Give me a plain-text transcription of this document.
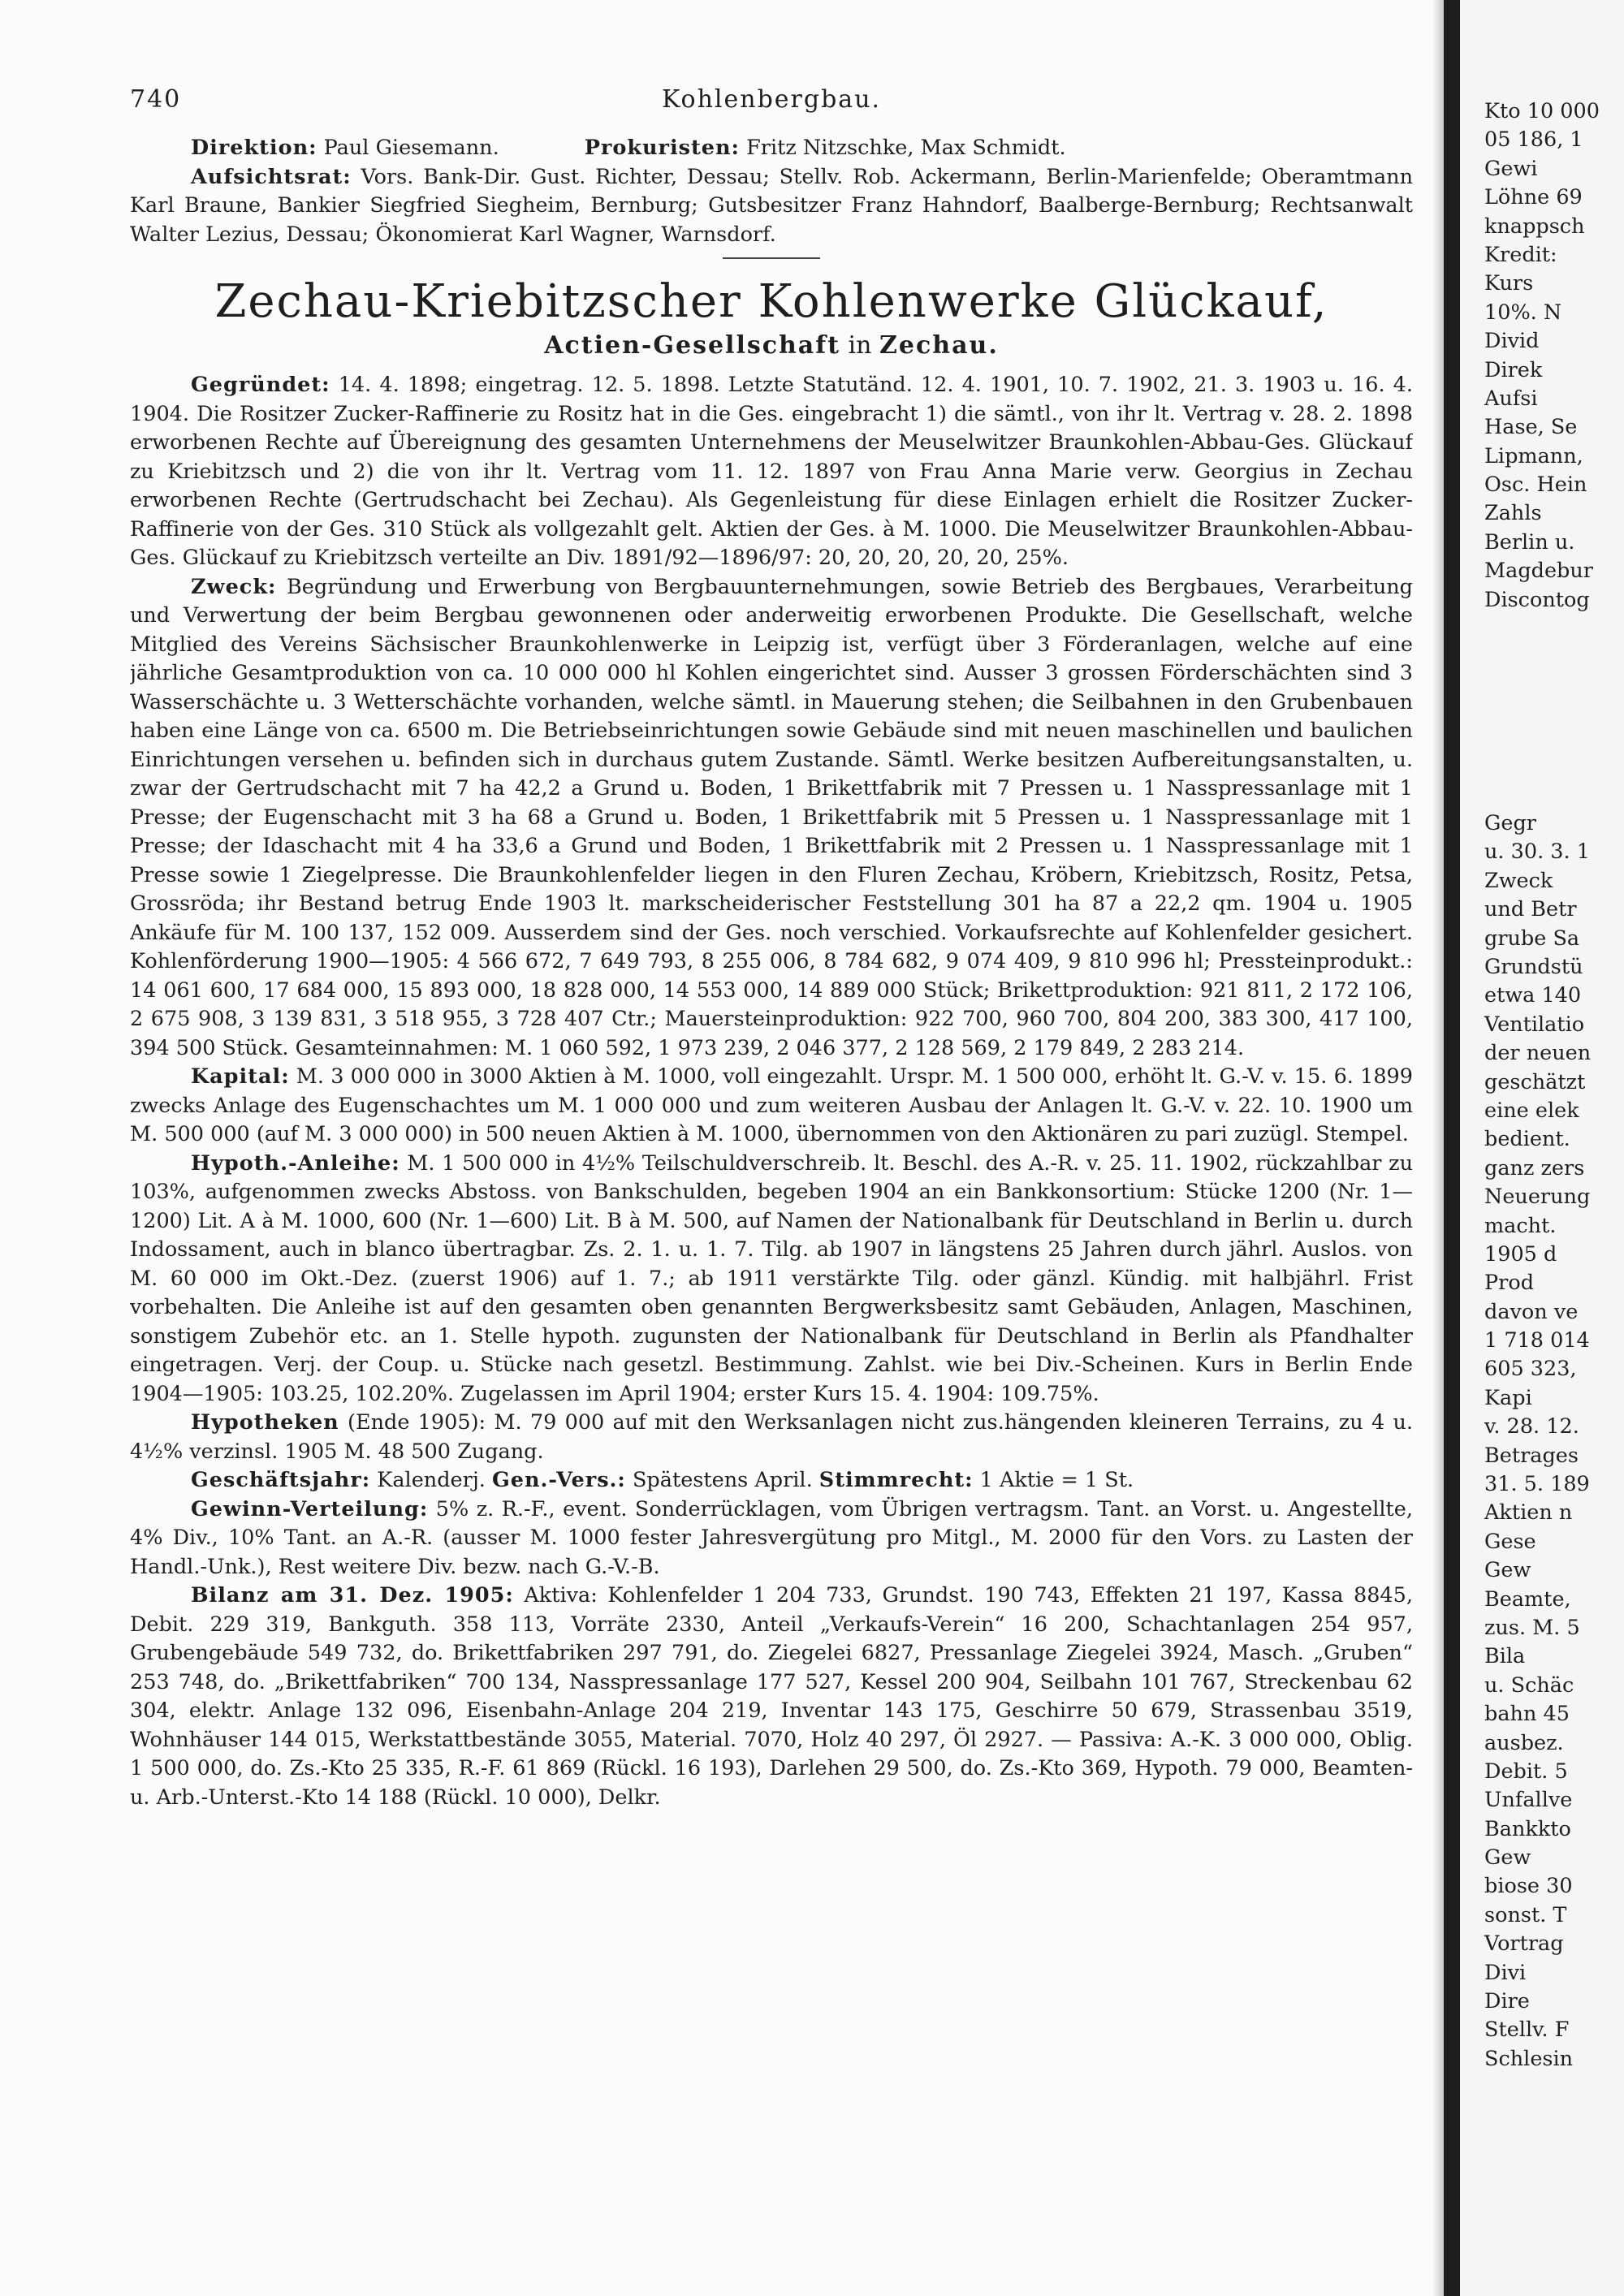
740	Kohlenbergbau.

Direktion: Paul Giesemann.	Prokuristen: Fritz Nitzschke, Max Schmidt.

Aufsichtsrat: Vors. Bank-Dir. Gust. Richter, Dessau; Stellv. Rob. Ackermann, Berlin-Marienfelde; Oberamtmann Karl Braune, Bankier Siegfried Siegheim, Bernburg; Gutsbesitzer Franz Hahndorf, Baalberge-Bernburg; Rechtsanwalt Walter Lezius, Dessau; Ökonomierat Karl Wagner, Warnsdorf.

Zechau-Kriebitzscher Kohlenwerke Glückauf,
Actien-Gesellschaft in Zechau.

Gegründet: 14. 4. 1898; eingetrag. 12. 5. 1898. Letzte Statutänd. 12. 4. 1901, 10. 7. 1902, 21. 3. 1903 u. 16. 4. 1904. Die Rositzer Zucker-Raffinerie zu Rositz hat in die Ges. eingebracht 1) die sämtl., von ihr lt. Vertrag v. 28. 2. 1898 erworbenen Rechte auf Übereignung des gesamten Unternehmens der Meuselwitzer Braunkohlen-Abbau-Ges. Glückauf zu Kriebitzsch und 2) die von ihr lt. Vertrag vom 11. 12. 1897 von Frau Anna Marie verw. Georgius in Zechau erworbenen Rechte (Gertrudschacht bei Zechau). Als Gegenleistung für diese Einlagen erhielt die Rositzer Zucker-Raffinerie von der Ges. 310 Stück als vollgezahlt gelt. Aktien der Ges. à M. 1000. Die Meuselwitzer Braunkohlen-Abbau-Ges. Glückauf zu Kriebitzsch verteilte an Div. 1891/92—1896/97: 20, 20, 20, 20, 20, 25%.

Zweck: Begründung und Erwerbung von Bergbauunternehmungen, sowie Betrieb des Bergbaues, Verarbeitung und Verwertung der beim Bergbau gewonnenen oder anderweitig erworbenen Produkte. Die Gesellschaft, welche Mitglied des Vereins Sächsischer Braunkohlenwerke in Leipzig ist, verfügt über 3 Förderanlagen, welche auf eine jährliche Gesamtproduktion von ca. 10 000 000 hl Kohlen eingerichtet sind. Ausser 3 grossen Förderschächten sind 3 Wasserschächte u. 3 Wetterschächte vorhanden, welche sämtl. in Mauerung stehen; die Seilbahnen in den Grubenbauen haben eine Länge von ca. 6500 m. Die Betriebseinrichtungen sowie Gebäude sind mit neuen maschinellen und baulichen Einrichtungen versehen u. befinden sich in durchaus gutem Zustande. Sämtl. Werke besitzen Aufbereitungsanstalten, u. zwar der Gertrudschacht mit 7 ha 42,2 a Grund u. Boden, 1 Brikettfabrik mit 7 Pressen u. 1 Nasspressanlage mit 1 Presse; der Eugenschacht mit 3 ha 68 a Grund u. Boden, 1 Brikettfabrik mit 5 Pressen u. 1 Nasspressanlage mit 1 Presse; der Idaschacht mit 4 ha 33,6 a Grund und Boden, 1 Brikettfabrik mit 2 Pressen u. 1 Nasspressanlage mit 1 Presse sowie 1 Ziegelpresse. Die Braunkohlenfelder liegen in den Fluren Zechau, Kröbern, Kriebitzsch, Rositz, Petsa, Grossröda; ihr Bestand betrug Ende 1903 lt. markscheiderischer Feststellung 301 ha 87 a 22,2 qm. 1904 u. 1905 Ankäufe für M. 100 137, 152 009. Ausserdem sind der Ges. noch verschied. Vorkaufsrechte auf Kohlenfelder gesichert. Kohlenförderung 1900—1905: 4 566 672, 7 649 793, 8 255 006, 8 784 682, 9 074 409, 9 810 996 hl; Pressteinprodukt.: 14 061 600, 17 684 000, 15 893 000, 18 828 000, 14 553 000, 14 889 000 Stück; Brikettproduktion: 921 811, 2 172 106, 2 675 908, 3 139 831, 3 518 955, 3 728 407 Ctr.; Mauersteinproduktion: 922 700, 960 700, 804 200, 383 300, 417 100, 394 500 Stück. Gesamteinnahmen: M. 1 060 592, 1 973 239, 2 046 377, 2 128 569, 2 179 849, 2 283 214.

Kapital: M. 3 000 000 in 3000 Aktien à M. 1000, voll eingezahlt. Urspr. M. 1 500 000, erhöht lt. G.-V. v. 15. 6. 1899 zwecks Anlage des Eugenschachtes um M. 1 000 000 und zum weiteren Ausbau der Anlagen lt. G.-V. v. 22. 10. 1900 um M. 500 000 (auf M. 3 000 000) in 500 neuen Aktien à M. 1000, übernommen von den Aktionären zu pari zuzügl. Stempel.

Hypoth.-Anleihe: M. 1 500 000 in 4½% Teilschuldverschreib. lt. Beschl. des A.-R. v. 25. 11. 1902, rückzahlbar zu 103%, aufgenommen zwecks Abstoss. von Bankschulden, begeben 1904 an ein Bankkonsortium: Stücke 1200 (Nr. 1—1200) Lit. A à M. 1000, 600 (Nr. 1—600) Lit. B à M. 500, auf Namen der Nationalbank für Deutschland in Berlin u. durch Indossament, auch in blanco übertragbar. Zs. 2. 1. u. 1. 7. Tilg. ab 1907 in längstens 25 Jahren durch jährl. Auslos. von M. 60 000 im Okt.-Dez. (zuerst 1906) auf 1. 7.; ab 1911 verstärkte Tilg. oder gänzl. Kündig. mit halbjährl. Frist vorbehalten. Die Anleihe ist auf den gesamten oben genannten Bergwerksbesitz samt Gebäuden, Anlagen, Maschinen, sonstigem Zubehör etc. an 1. Stelle hypoth. zugunsten der Nationalbank für Deutschland in Berlin als Pfandhalter eingetragen. Verj. der Coup. u. Stücke nach gesetzl. Bestimmung. Zahlst. wie bei Div.-Scheinen. Kurs in Berlin Ende 1904—1905: 103.25, 102.20%. Zugelassen im April 1904; erster Kurs 15. 4. 1904: 109.75%.

Hypotheken (Ende 1905): M. 79 000 auf mit den Werksanlagen nicht zus.hängenden kleineren Terrains, zu 4 u. 4½% verzinsl. 1905 M. 48 500 Zugang.

Geschäftsjahr: Kalenderj. Gen.-Vers.: Spätestens April. Stimmrecht: 1 Aktie = 1 St.

Gewinn-Verteilung: 5% z. R.-F., event. Sonderrücklagen, vom Übrigen vertragsm. Tant. an Vorst. u. Angestellte, 4% Div., 10% Tant. an A.-R. (ausser M. 1000 fester Jahresvergütung pro Mitgl., M. 2000 für den Vors. zu Lasten der Handl.-Unk.), Rest weitere Div. bezw. nach G.-V.-B.

Bilanz am 31. Dez. 1905: Aktiva: Kohlenfelder 1 204 733, Grundst. 190 743, Effekten 21 197, Kassa 8845, Debit. 229 319, Bankguth. 358 113, Vorräte 2330, Anteil „Verkaufs-Verein“ 16 200, Schachtanlagen 254 957, Grubengebäude 549 732, do. Brikettfabriken 297 791, do. Ziegelei 6827, Pressanlage Ziegelei 3924, Masch. „Gruben“ 253 748, do. „Brikettfabriken“ 700 134, Nasspressanlage 177 527, Kessel 200 904, Seilbahn 101 767, Streckenbau 62 304, elektr. Anlage 132 096, Eisenbahn-Anlage 204 219, Inventar 143 175, Geschirre 50 679, Strassenbau 3519, Wohnhäuser 144 015, Werkstattbestände 3055, Material. 7070, Holz 40 297, Öl 2927. — Passiva: A.-K. 3 000 000, Oblig. 1 500 000, do. Zs.-Kto 25 335, R.-F. 61 869 (Rückl. 16 193), Darlehen 29 500, do. Zs.-Kto 369, Hypoth. 79 000, Beamten- u. Arb.-Unterst.-Kto 14 188 (Rückl. 10 000), Delkr.

Kto 10 000
05 186, 1
Gewi
Löhne 69
knappsch
Kredit:
Kurs
10%. N
Divid
Direk
Aufsi
Hase, Se
Lipmann,
Osc. Hein
Zahls
Berlin u.
Magdebur
Discontog
Gegr
u. 30. 3. 1
Zweck
und Betr
grube Sa
Grundstü
etwa 140
Ventilatio
der neuen
geschätzt
eine elek
bedient.
ganz zers
Neuerung
macht.
1905 d
Prod
davon ve
1 718 014
605 323,
Kapi
v. 28. 12.
Betrages
31. 5. 189
Aktien n
Gese
Gew
Beamte,
zus. M. 5
Bila
u. Schäc
bahn 45
ausbez.
Debit. 5
Unfallve
Bankkto
Gew
biose 30
sonst. T
Vortrag
Divi
Dire
Stellv. F
Schlesin
